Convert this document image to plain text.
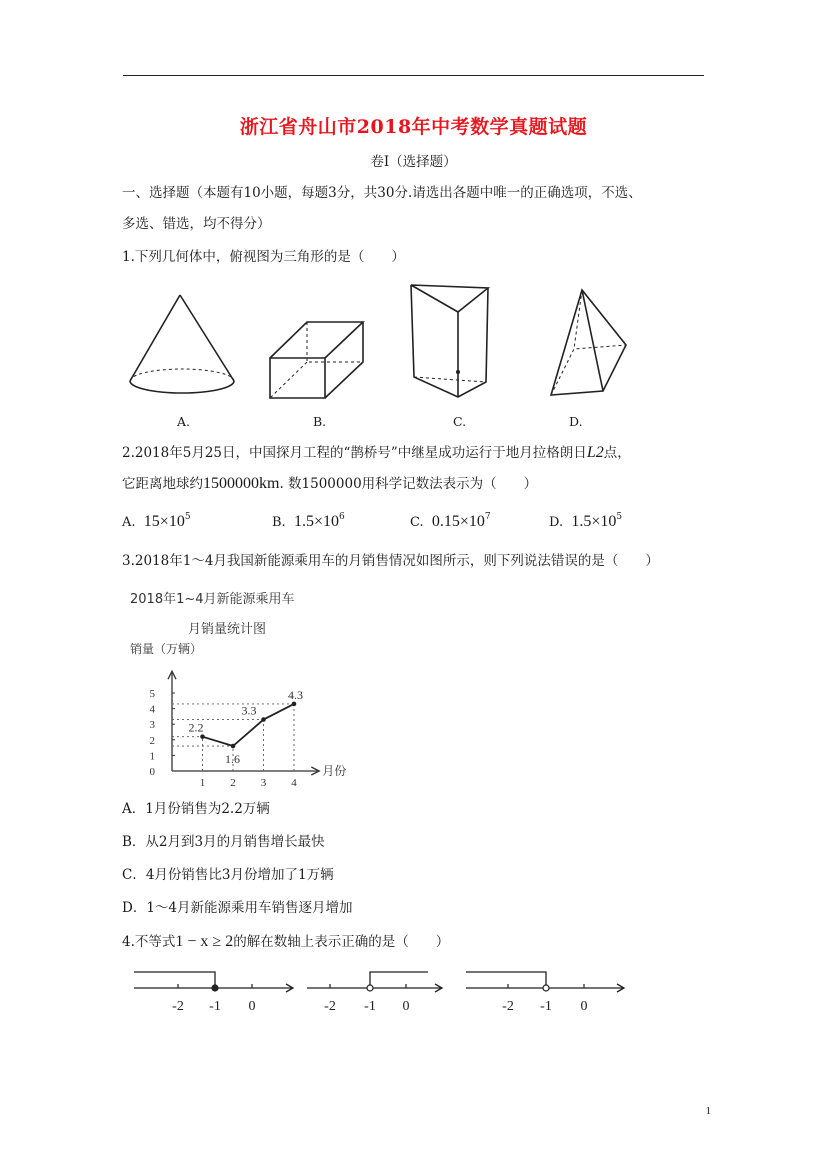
浙江省舟山市2018年中考数学真题试题
卷Ⅰ（选择题）
一、选择题（本题有10小题，每题3分，共30分.请选出各题中唯一的正确选项，不选、
多选、错选，均不得分）
1.下列几何体中，俯视图为三角形的是（　　）
A.	B.	C.	D.
2.2018年5月25日，中国探月工程的“鹊桥号”中继星成功运行于地月拉格朗日L2点，
它距离地球约1500000km. 数1500000用科学记数法表示为（　　）
A. $15\times 10^5$	B. $1.5\times 10^6$	C. $0.15\times 10^7$	D. $1.5\times 10^5$
3.2018年1～4月我国新能源乘用车的月销售情况如图所示，则下列说法错误的是（　　）
2018年1~4月新能源乘用车
月销量统计图
销量（万辆）
月份
0
1
2
3
4
5
1 2 3 4
2.2
1.6
3.3
4.3
A．1月份销售为2.2万辆
B．从2月到3月的月销售增长最快
C．4月份销售比3月份增加了1万辆
D．1～4月新能源乘用车销售逐月增加
4.不等式1 − x ≥ 2的解在数轴上表示正确的是（　　）
-2 -1 0	-2 -1 0	-2 -1 0
1
